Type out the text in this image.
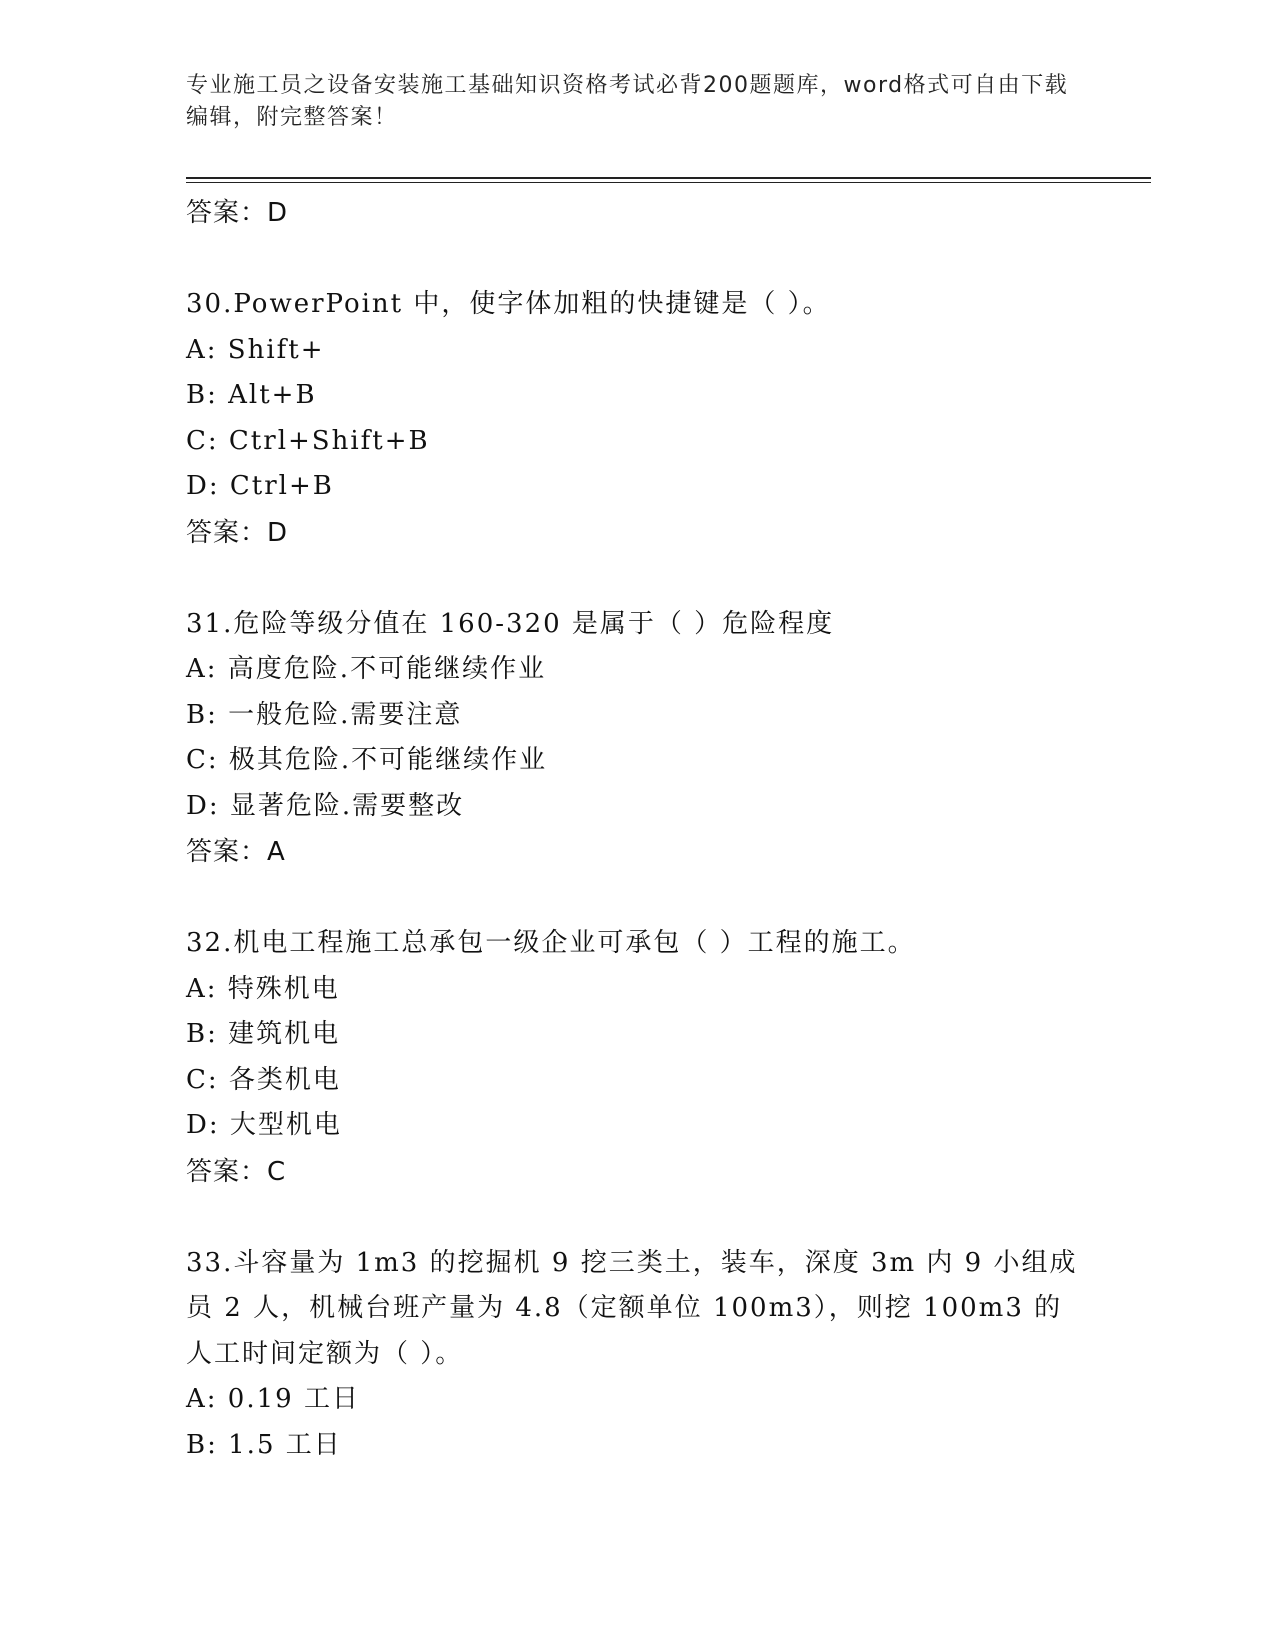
专业施工员之设备安装施工基础知识资格考试必背200题题库，word格式可自由下载编辑，附完整答案！
答案：D
30.PowerPoint 中，使字体加粗的快捷键是（ ）。
A: Shift+
B: Alt+B
C: Ctrl+Shift+B
D: Ctrl+B
答案：D
31.危险等级分值在 160-320 是属于（ ）危险程度
A: 高度危险.不可能继续作业
B: 一般危险.需要注意
C: 极其危险.不可能继续作业
D: 显著危险.需要整改
答案：A
32.机电工程施工总承包一级企业可承包（ ）工程的施工。
A: 特殊机电
B: 建筑机电
C: 各类机电
D: 大型机电
答案：C
33.斗容量为 1m3 的挖掘机 9 挖三类土，装车，深度 3m 内 9 小组成员 2 人，机械台班产量为 4.8（定额单位 100m3），则挖 100m3 的人工时间定额为（ ）。
A: 0.19 工日
B: 1.5 工日
